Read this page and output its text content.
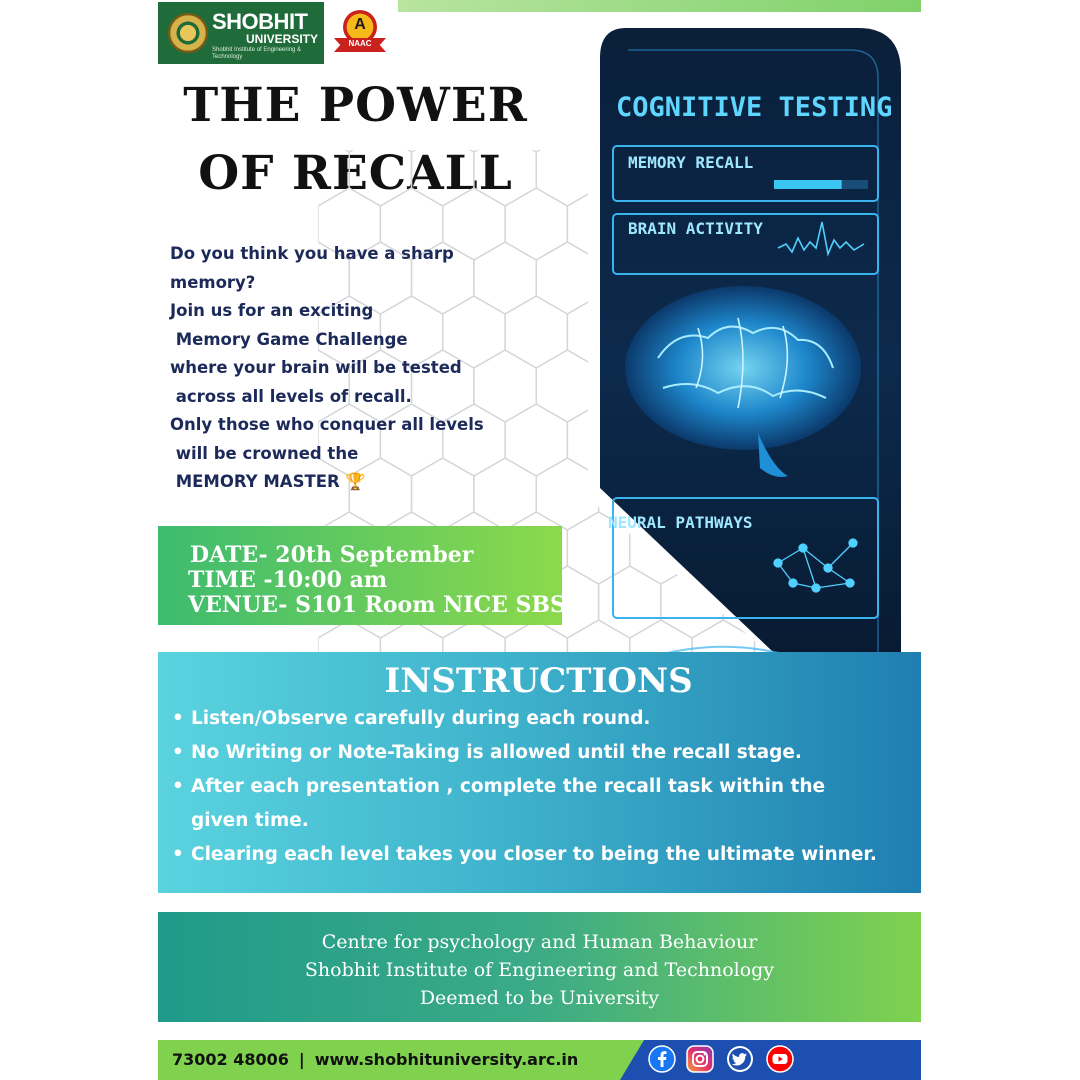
SHOBHIT
UNIVERSITY
Shobhit Institute of Engineering & Technology
A
NAAC
THE POWER
OF RECALL
COGNITIVE TESTING
MEMORY RECALL
BRAIN ACTIVITY
NEURAL PATHWAYS

Do you think you have a sharp

memory?

Join us for an exciting

Memory Game Challenge

where your brain will be tested

across all levels of recall.

Only those who conquer all levels

will be crowned the

MEMORY MASTER 🏆

DATE- 20th September

TIME -10:00 am

VENUE- S101 Room NICE SBS

INSTRUCTIONS
• Listen/Observe carefully during each round.
• No Writing or Note-Taking is allowed until the recall stage.
• After each presentation , complete the recall task within the
given time.
• Clearing each level takes you closer to being the ultimate winner.

Centre for psychology and Human Behaviour

Shobhit Institute of Engineering and Technology

Deemed to be University

73002 48006 | www.shobhituniversity.arc.in
